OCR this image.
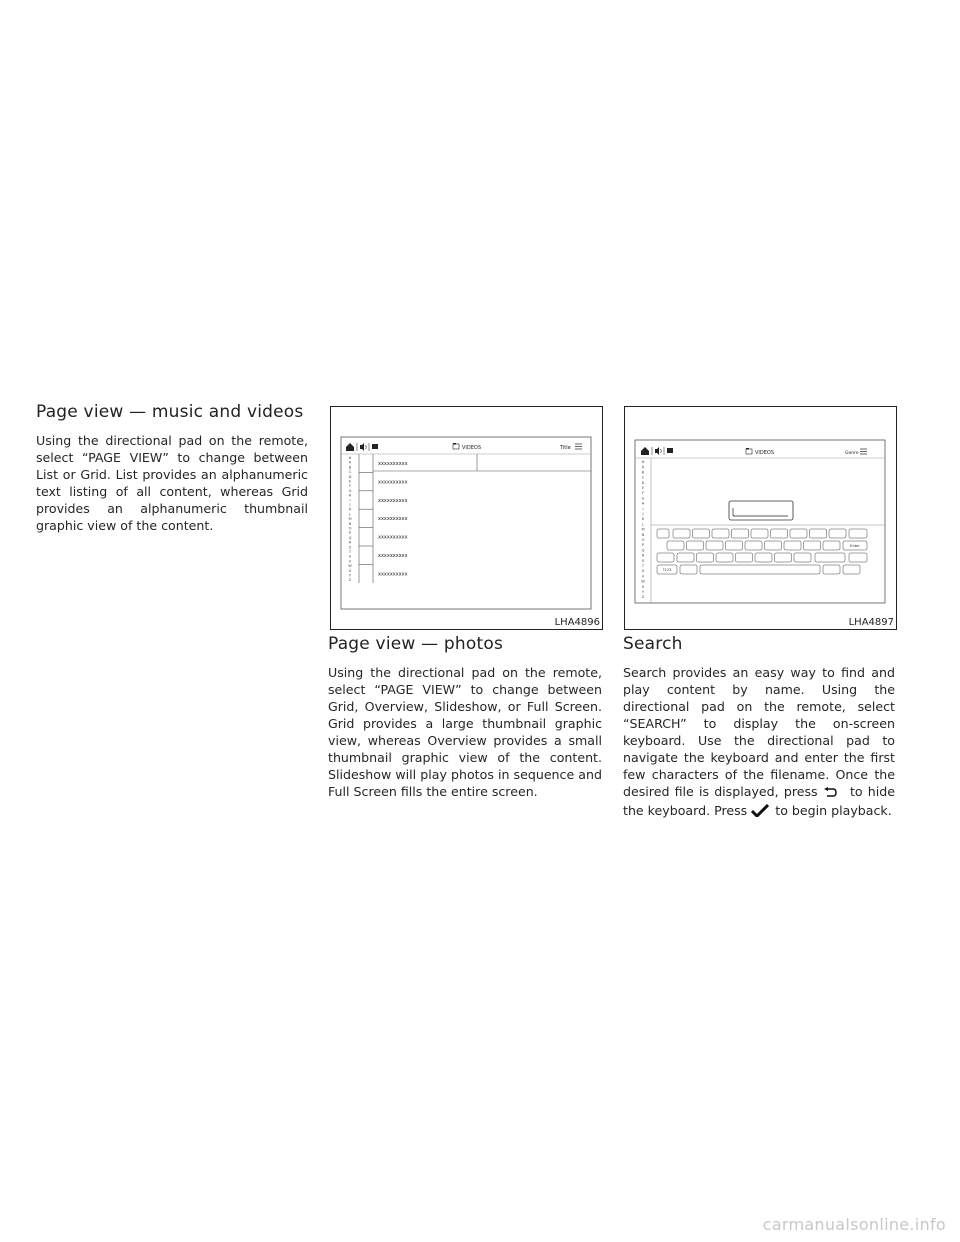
Page view — music and videos

Using the directional pad on the remote, select “PAGE VIEW” to change between List or Grid. List provides an alphanumeric text listing of all content, whereas Grid provides an alphanumeric thumbnail graphic view of the content.

VIDEOS	Title
#
A
B
C
D
E
F
G
H
I
J
K
L
M
N
O
P
Q
R
S
T
U
V
W
X
Y
Z
xxxxxxxxxx
xxxxxxxxxx
xxxxxxxxxx
xxxxxxxxxx
xxxxxxxxxx
xxxxxxxxxx
xxxxxxxxxx
LHA4896
Page view — photos

Using the directional pad on the remote, select “PAGE VIEW” to change between Grid, Overview, Slideshow, or Full Screen. Grid provides a large thumbnail graphic view, whereas Overview provides a small thumbnail graphic view of the content. Slideshow will play photos in sequence and Full Screen fills the entire screen.

VIDEOS	Genre
#
A
B
C
D
E
F
G
H
I
J
K
L
M
N
O
P
Q
R
S
T
U
V
W
X
Y
Z
Enter
?123
LHA4897
Search

Search provides an easy way to find and play content by name. Using the directional pad on the remote, select “SEARCH” to display the on-screen keyboard. Use the directional pad to navigate the keyboard and enter the first few characters of the filename. Once the desired file is displayed, press	to hide the keyboard. Press to begin playback.

carmanualsonline.info
